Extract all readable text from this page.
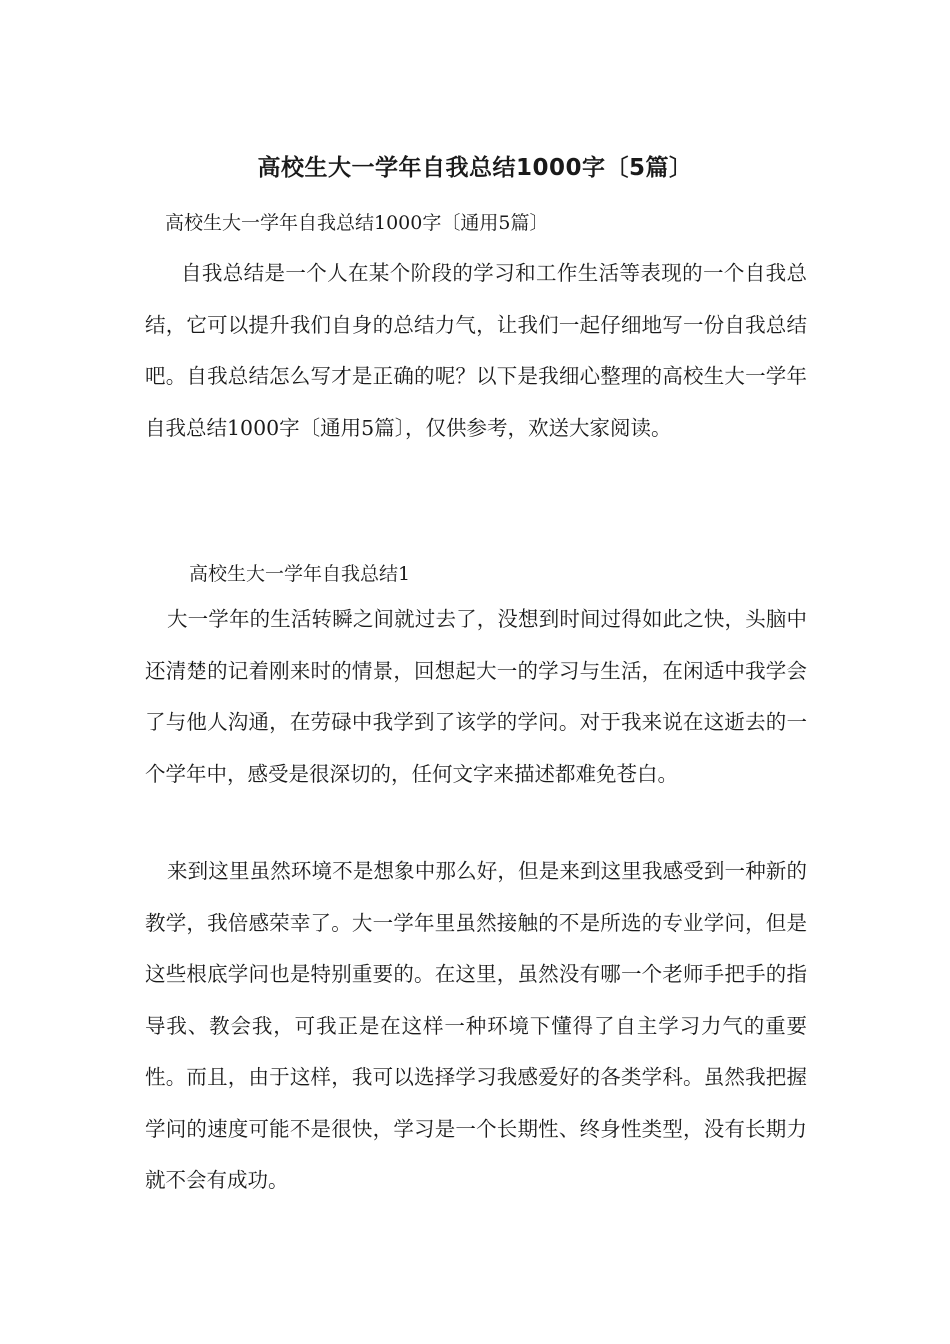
高校生大一学年自我总结1000字〔5篇〕
高校生大一学年自我总结1000字〔通用5篇〕

自我总结是一个人在某个阶段的学习和工作生活等表现的一个自我总结，它可以提升我们自身的总结力气，让我们一起仔细地写一份自我总结吧。自我总结怎么写才是正确的呢？以下是我细心整理的高校生大一学年自我总结1000字〔通用5篇〕，仅供参考，欢送大家阅读。

高校生大一学年自我总结1

大一学年的生活转瞬之间就过去了，没想到时间过得如此之快，头脑中还清楚的记着刚来时的情景，回想起大一的学习与生活，在闲适中我学会了与他人沟通，在劳碌中我学到了该学的学问。对于我来说在这逝去的一个学年中，感受是很深切的，任何文字来描述都难免苍白。

来到这里虽然环境不是想象中那么好，但是来到这里我感受到一种新的教学，我倍感荣幸了。大一学年里虽然接触的不是所选的专业学问，但是这些根底学问也是特别重要的。在这里，虽然没有哪一个老师手把手的指导我、教会我，可我正是在这样一种环境下懂得了自主学习力气的重要性。而且，由于这样，我可以选择学习我感爱好的各类学科。虽然我把握学问的速度可能不是很快，学习是一个长期性、终身性类型，没有长期力就不会有成功。
